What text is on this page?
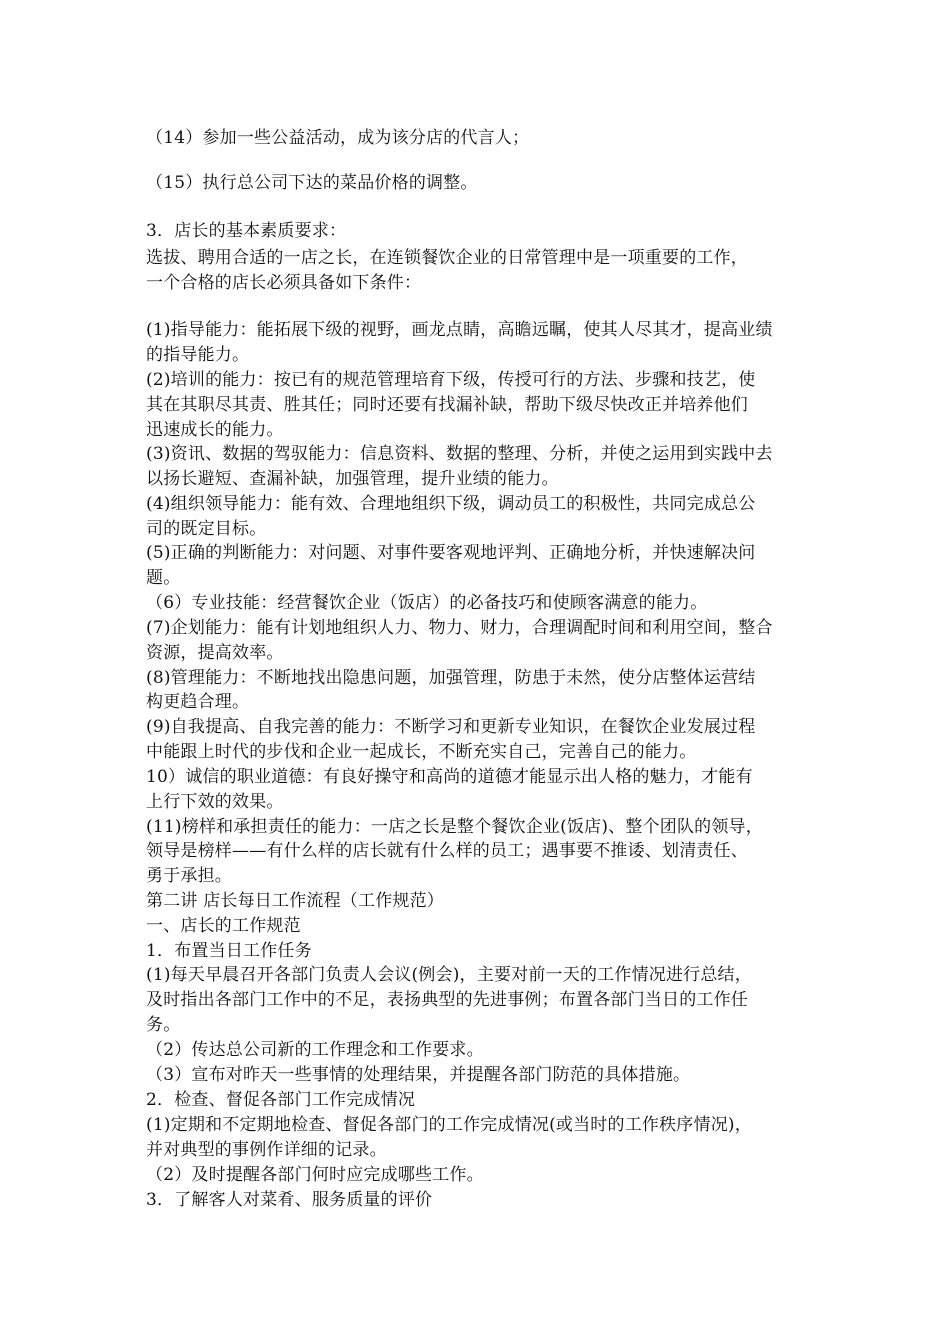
（14）参加一些公益活动，成为该分店的代言人；
（15）执行总公司下达的菜品价格的调整。
3．店长的基本素质要求：
选拔、聘用合适的一店之长，在连锁餐饮企业的日常管理中是一项重要的工作，
一个合格的店长必须具备如下条件：
(1)指导能力：能拓展下级的视野，画龙点睛，高瞻远瞩，使其人尽其才，提高业绩
的指导能力。
(2)培训的能力：按已有的规范管理培育下级，传授可行的方法、步骤和技艺，使
其在其职尽其责、胜其任；同时还要有找漏补缺，帮助下级尽快改正并培养他们
迅速成长的能力。
(3)资讯、数据的驾驭能力：信息资料、数据的整理、分析，并使之运用到实践中去
以扬长避短、查漏补缺，加强管理，提升业绩的能力。
(4)组织领导能力：能有效、合理地组织下级，调动员工的积极性，共同完成总公
司的既定目标。
(5)正确的判断能力：对问题、对事件要客观地评判、正确地分析，并快速解决问
题。
（6）专业技能：经营餐饮企业（饭店）的必备技巧和使顾客满意的能力。
(7)企划能力：能有计划地组织人力、物力、财力，合理调配时间和利用空间，整合
资源，提高效率。
(8)管理能力：不断地找出隐患问题，加强管理，防患于未然，使分店整体运营结
构更趋合理。
(9)自我提高、自我完善的能力：不断学习和更新专业知识，在餐饮企业发展过程
中能跟上时代的步伐和企业一起成长，不断充实自己，完善自己的能力。
10）诚信的职业道德：有良好操守和高尚的道德才能显示出人格的魅力，才能有
上行下效的效果。
(11)榜样和承担责任的能力：一店之长是整个餐饮企业(饭店)、整个团队的领导，
领导是榜样——有什么样的店长就有什么样的员工；遇事要不推诿、划清责任、
勇于承担。
第二讲 店长每日工作流程（工作规范）
一、店长的工作规范
1．布置当日工作任务
(1)每天早晨召开各部门负责人会议(例会)，主要对前一天的工作情况进行总结，
及时指出各部门工作中的不足，表扬典型的先进事例；布置各部门当日的工作任
务。
（2）传达总公司新的工作理念和工作要求。
（3）宣布对昨天一些事情的处理结果，并提醒各部门防范的具体措施。
2．检查、督促各部门工作完成情况
(1)定期和不定期地检查、督促各部门的工作完成情况(或当时的工作秩序情况)，
并对典型的事例作详细的记录。
（2）及时提醒各部门何时应完成哪些工作。
3．了解客人对菜肴、服务质量的评价
